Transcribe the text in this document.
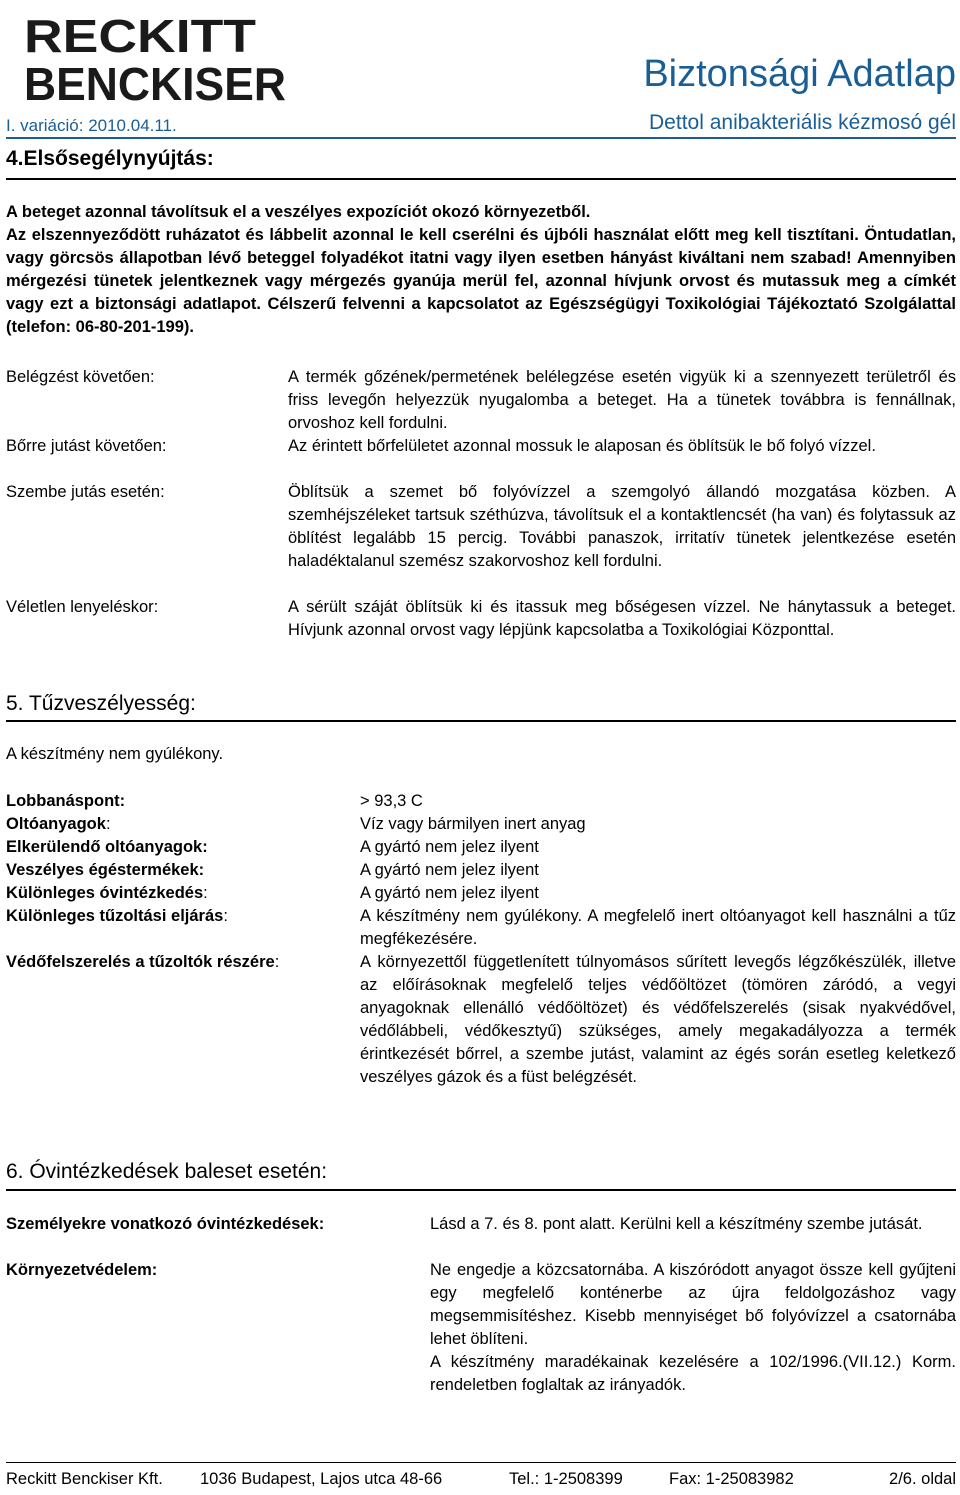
RECKITT
BENCKISER	Biztonsági Adatlap
I. variáció: 2010.04.11.	Dettol anibakteriális kézmosó gél
4.Elsősegélynyújtás:

A beteget azonnal távolítsuk el a veszélyes expozíciót okozó környezetből.

Az elszennyeződött ruházatot és lábbelit azonnal le kell cserélni és újbóli használat előtt meg kell tisztítani. Öntudatlan, vagy görcsös állapotban lévő beteggel folyadékot itatni vagy ilyen esetben hányást kiváltani nem szabad! Amennyiben mérgezési tünetek jelentkeznek vagy mérgezés gyanúja merül fel, azonnal hívjunk orvost és mutassuk meg a címkét vagy ezt a biztonsági adatlapot. Célszerű felvenni a kapcsolatot az Egészségügyi Toxikológiai Tájékoztató Szolgálattal (telefon: 06-80-201-199).

Belégzést követően:	A termék gőzének/permetének belélegzése esetén vigyük ki a szennyezett területről és friss levegőn helyezzük nyugalomba a beteget. Ha a tünetek továbbra is fennállnak, orvoshoz kell fordulni.
Bőrre jutást követően:	Az érintett bőrfelületet azonnal mossuk le alaposan és öblítsük le bő folyó vízzel.
Szembe jutás esetén:	Öblítsük a szemet bő folyóvízzel a szemgolyó állandó mozgatása közben. A szemhéjszéleket tartsuk széthúzva, távolítsuk el a kontaktlencsét (ha van) és folytassuk az öblítést legalább 15 percig. További panaszok, irritatív tünetek jelentkezése esetén haladéktalanul szemész szakorvoshoz kell fordulni.
Véletlen lenyeléskor:	A sérült száját öblítsük ki és itassuk meg bőségesen vízzel. Ne hánytassuk a beteget. Hívjunk azonnal orvost vagy lépjünk kapcsolatba a Toxikológiai Központtal.
5. Tűzveszélyesség:
A készítmény nem gyúlékony.
Lobbanáspont:	> 93,3 C
Oltóanyagok:	Víz vagy bármilyen inert anyag
Elkerülendő oltóanyagok:	A gyártó nem jelez ilyent
Veszélyes égéstermékek:	A gyártó nem jelez ilyent
Különleges óvintézkedés:	A gyártó nem jelez ilyent
Különleges tűzoltási eljárás:	A készítmény nem gyúlékony. A megfelelő inert oltóanyagot kell használni a tűz megfékezésére.
Védőfelszerelés a tűzoltók részére:	A környezettől függetlenített túlnyomásos sűrített levegős légzőkészülék, illetve az előírásoknak megfelelő teljes védőöltözet (tömören záródó, a vegyi anyagoknak ellenálló védőöltözet) és védőfelszerelés (sisak nyakvédővel, védőlábbeli, védőkesztyű) szükséges, amely megakadályozza a termék érintkezését bőrrel, a szembe jutást, valamint az égés során esetleg keletkező veszélyes gázok és a füst belégzését.
6. Óvintézkedések baleset esetén:
Személyekre vonatkozó óvintézkedések:	Lásd a 7. és 8. pont alatt. Kerülni kell a készítmény szembe jutását.
Környezetvédelem:	Ne engedje a közcsatornába. A kiszóródott anyagot össze kell gyűjteni egy megfelelő konténerbe az újra feldolgozáshoz vagy megsemmisítéshez. Kisebb mennyiséget bő folyóvízzel a csatornába lehet öblíteni.
A készítmény maradékainak kezelésére a 102/1996.(VII.12.) Korm. rendeletben foglaltak az irányadók.
Reckitt Benckiser Kft. 1036 Budapest, Lajos utca 48-66	Tel.: 1-2508399	Fax: 1-25083982	2/6. oldal
